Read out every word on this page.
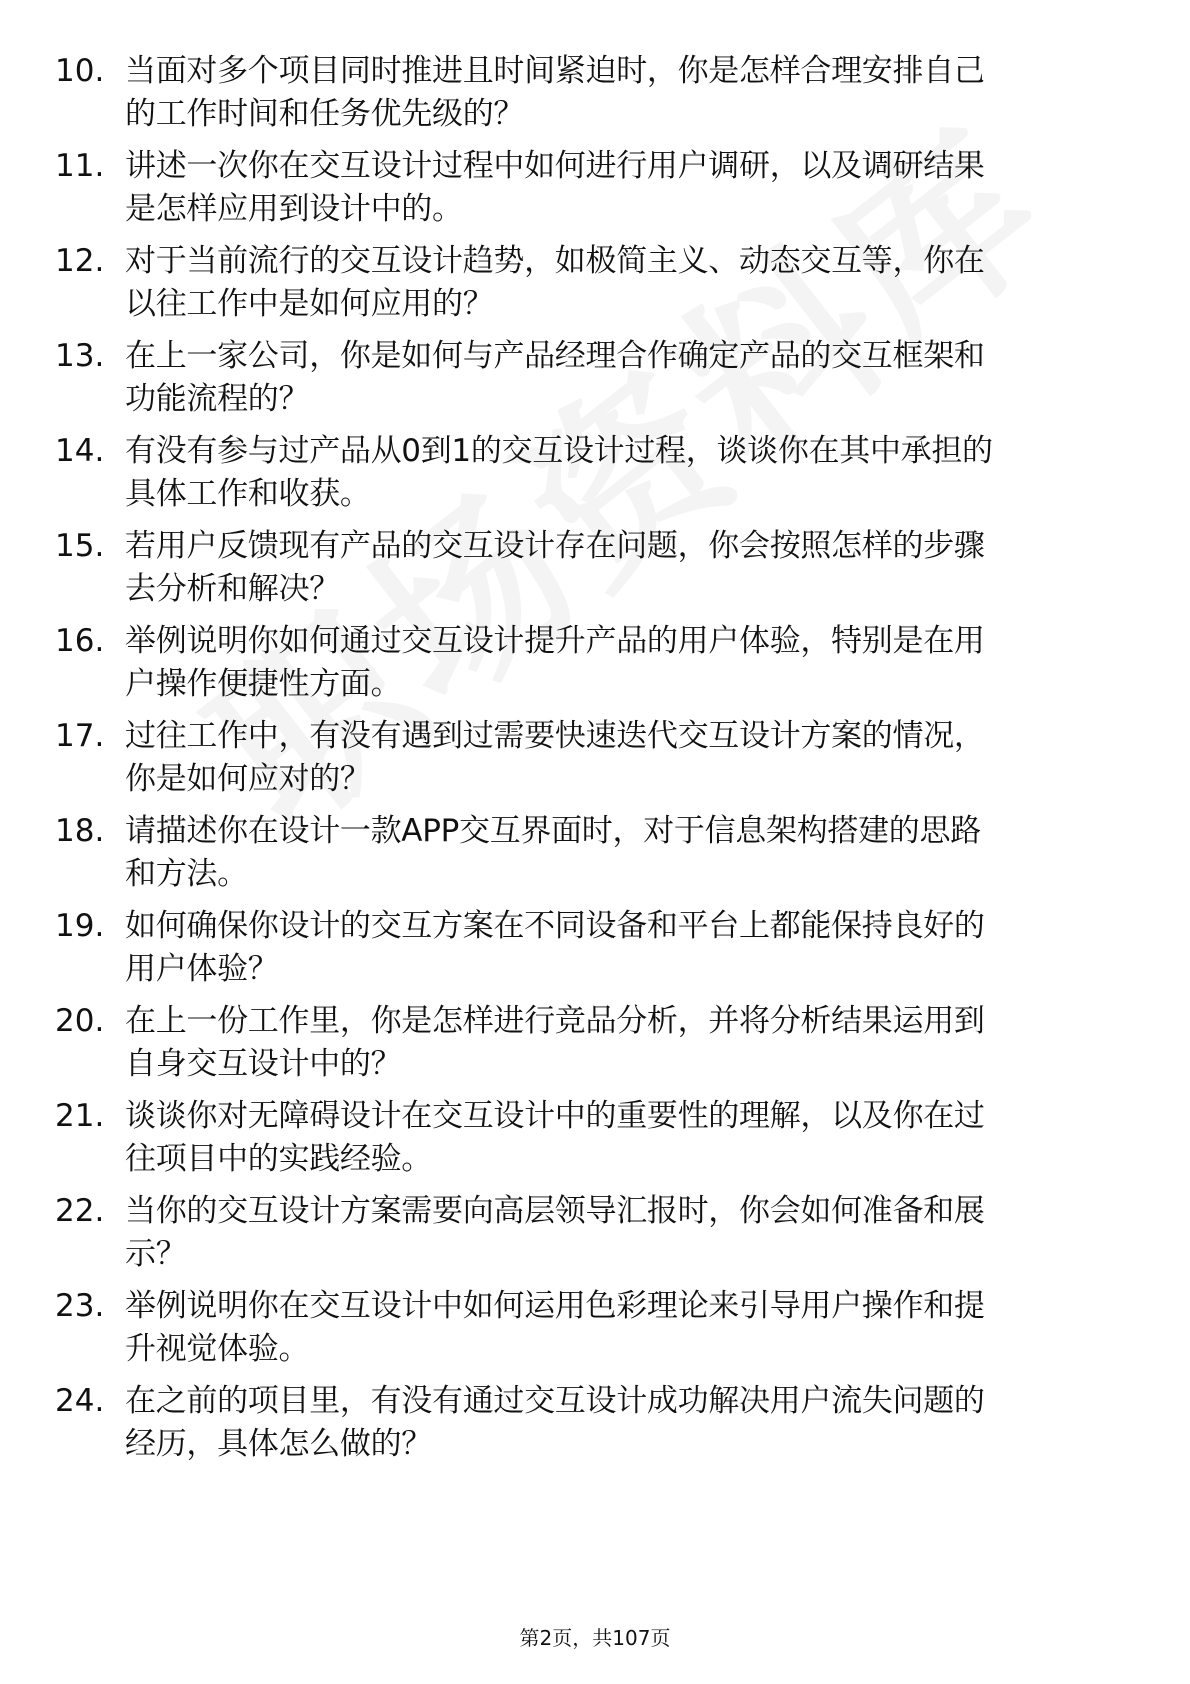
10. 当面对多个项目同时推进且时间紧迫时，你是怎样合理安排自己
的工作时间和任务优先级的？
11. 讲述一次你在交互设计过程中如何进行用户调研，以及调研结果
是怎样应用到设计中的。
12. 对于当前流行的交互设计趋势，如极简主义、动态交互等，你在
以往工作中是如何应用的？
13. 在上一家公司，你是如何与产品经理合作确定产品的交互框架和
功能流程的？
14. 有没有参与过产品从0到1的交互设计过程，谈谈你在其中承担的
具体工作和收获。
15. 若用户反馈现有产品的交互设计存在问题，你会按照怎样的步骤
去分析和解决？
16. 举例说明你如何通过交互设计提升产品的用户体验，特别是在用
户操作便捷性方面。
17. 过往工作中，有没有遇到过需要快速迭代交互设计方案的情况，
你是如何应对的？
18. 请描述你在设计一款APP交互界面时，对于信息架构搭建的思路
和方法。
19. 如何确保你设计的交互方案在不同设备和平台上都能保持良好的
用户体验？
20. 在上一份工作里，你是怎样进行竞品分析，并将分析结果运用到
自身交互设计中的？
21. 谈谈你对无障碍设计在交互设计中的重要性的理解，以及你在过
往项目中的实践经验。
22. 当你的交互设计方案需要向高层领导汇报时，你会如何准备和展
示？
23. 举例说明你在交互设计中如何运用色彩理论来引导用户操作和提
升视觉体验。
24. 在之前的项目里，有没有通过交互设计成功解决用户流失问题的
经历，具体怎么做的？
第2页，共107页
